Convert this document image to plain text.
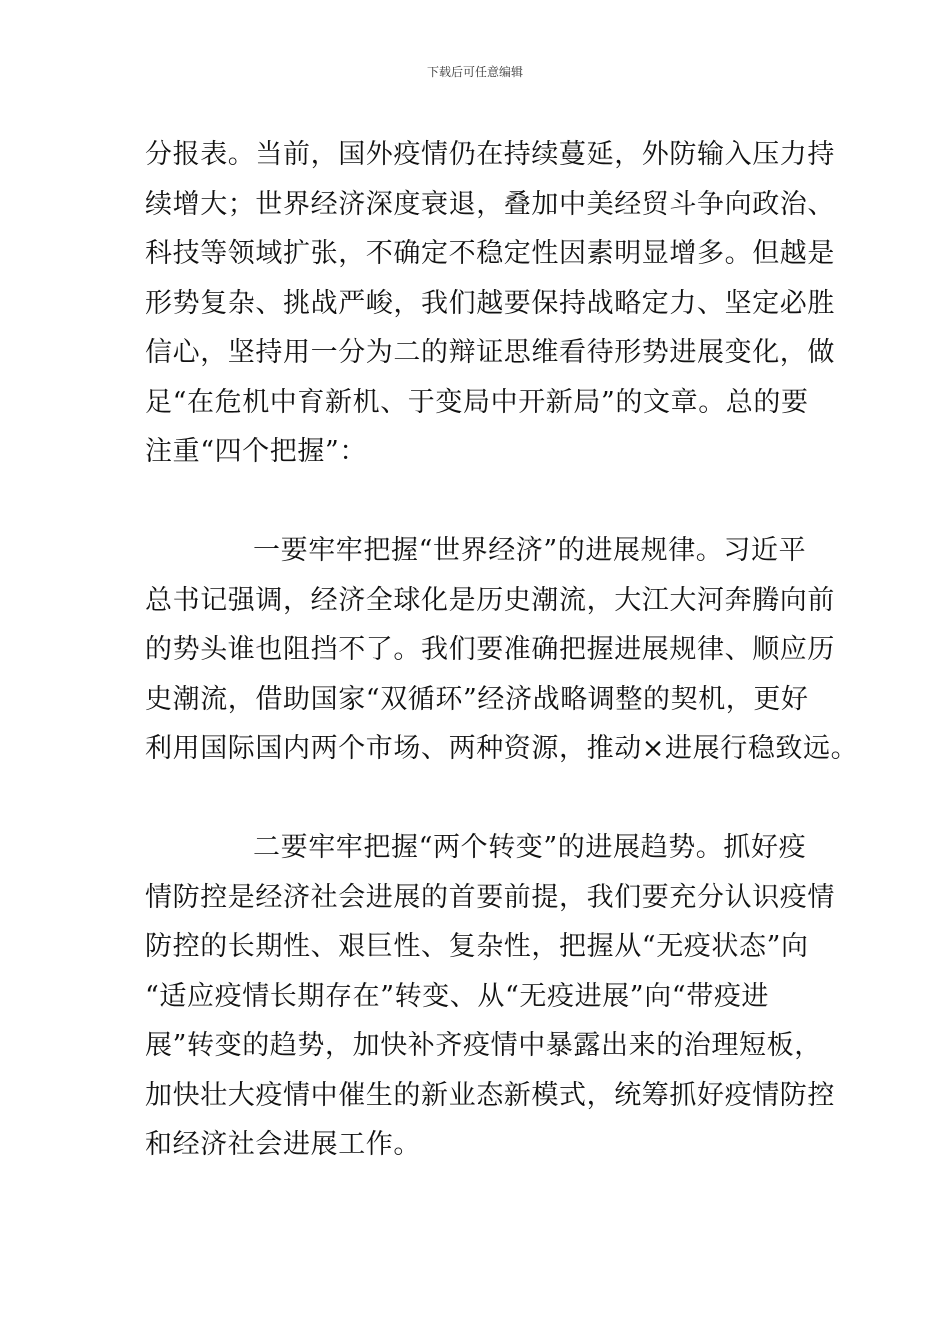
下载后可任意编辑
分报表。当前，国外疫情仍在持续蔓延，外防输入压力持
续增大；世界经济深度衰退，叠加中美经贸斗争向政治、
科技等领域扩张，不确定不稳定性因素明显增多。但越是
形势复杂、挑战严峻，我们越要保持战略定力、坚定必胜
信心，坚持用一分为二的辩证思维看待形势进展变化，做
足“在危机中育新机、于变局中开新局”的文章。总的要
注重“四个把握”：
一要牢牢把握“世界经济”的进展规律。习近平
总书记强调，经济全球化是历史潮流，大江大河奔腾向前
的势头谁也阻挡不了。我们要准确把握进展规律、顺应历
史潮流，借助国家“双循环”经济战略调整的契机，更好
利用国际国内两个市场、两种资源，推动×进展行稳致远。
二要牢牢把握“两个转变”的进展趋势。抓好疫
情防控是经济社会进展的首要前提，我们要充分认识疫情
防控的长期性、艰巨性、复杂性，把握从“无疫状态”向
“适应疫情长期存在”转变、从“无疫进展”向“带疫进
展”转变的趋势，加快补齐疫情中暴露出来的治理短板，
加快壮大疫情中催生的新业态新模式，统筹抓好疫情防控
和经济社会进展工作。
